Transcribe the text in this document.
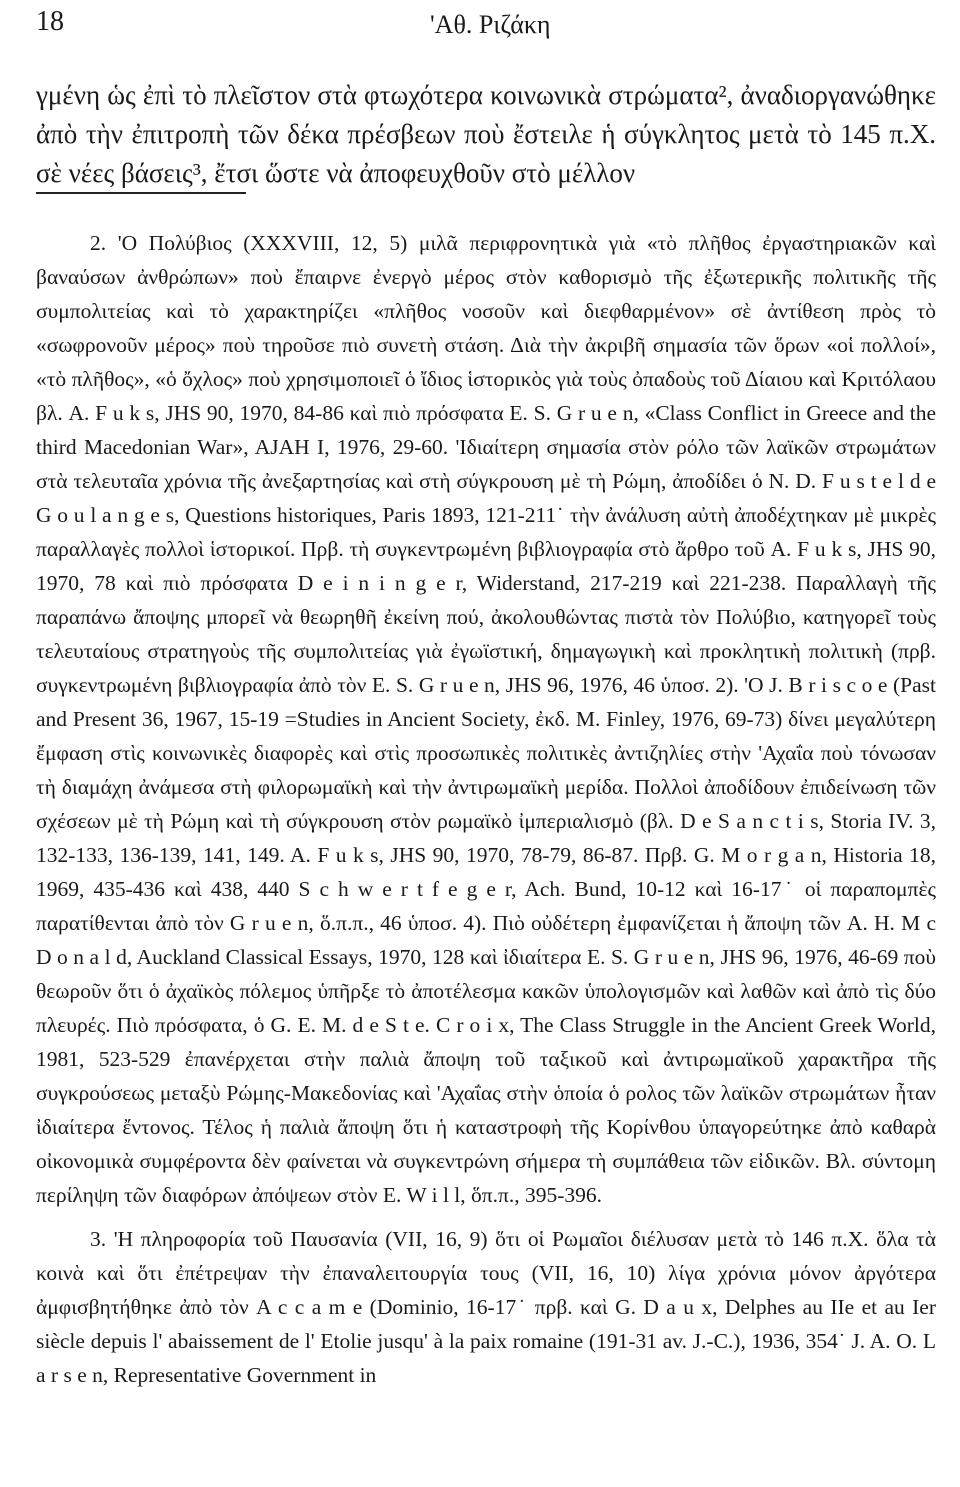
18	'Αθ. Ριζάκη
γμένη ὡς ἐπὶ τὸ πλεῖστον στὰ φτωχότερα κοινωνικὰ στρώματα², ἀναδιοργανώθηκε ἀπὸ τὴν ἐπιτροπὴ τῶν δέκα πρέσβεων ποὺ ἔστειλε ἡ σύγκλητος μετὰ τὸ 145 π.Χ. σὲ νέες βάσεις³, ἔτσι ὥστε νὰ ἀποφευχθοῦν στὸ μέλλον

2. 'Ο Πολύβιος (XXXVIII, 12, 5) μιλᾶ περιφρονητικὰ γιὰ «τὸ πλῆθος ἐργαστηριακῶν καὶ βαναύσων ἀνθρώπων» ποὺ ἔπαιρνε ἐνεργὸ μέρος στὸν καθορισμὸ τῆς ἐξωτερικῆς πολιτικῆς τῆς συμπολιτείας καὶ τὸ χαρακτηρίζει «πλῆθος νοσοῦν καὶ διεφθαρμένον» σὲ ἀντίθεση πρὸς τὸ «σωφρονοῦν μέρος» ποὺ τηροῦσε πιὸ συνετὴ στάση. Διὰ τὴν ἀκριβῆ σημασία τῶν ὅρων «οἱ πολλοί», «τὸ πλῆθος», «ὁ ὄχλος» ποὺ χρησιμοποιεῖ ὁ ἴδιος ἱστορικὸς γιὰ τοὺς ὀπαδοὺς τοῦ Δίαιου καὶ Κριτόλαου βλ. A. F u k s, JHS 90, 1970, 84-86 καὶ πιὸ πρόσφατα E. S. G r u e n, «Class Conflict in Greece and the third Macedonian War», AJAH I, 1976, 29-60. 'Ιδιαίτερη σημασία στὸν ρόλο τῶν λαϊκῶν στρωμάτων στὰ τελευταῖα χρόνια τῆς ἀνεξαρτησίας καὶ στὴ σύγκρουση μὲ τὴ Ρώμη, ἀποδίδει ὁ N. D. F u s t e l d e G o u l a n g e s, Questions historiques, Paris 1893, 121-211˙ τὴν ἀνάλυση αὐτὴ ἀποδέχτηκαν μὲ μικρὲς παραλλαγὲς πολλοὶ ἱστορικοί. Πρβ. τὴ συγκεντρωμένη βιβλιογραφία στὸ ἄρθρο τοῦ A. F u k s, JHS 90, 1970, 78 καὶ πιὸ πρόσφατα D e i n i n g e r, Widerstand, 217-219 καὶ 221-238. Παραλλαγὴ τῆς παραπάνω ἄποψης μπορεῖ νὰ θεωρηθῆ ἐκείνη πού, ἀκολουθώντας πιστὰ τὸν Πολύβιο, κατηγορεῖ τοὺς τελευταίους στρατηγοὺς τῆς συμπολιτείας γιὰ ἐγωϊστική, δημαγωγικὴ καὶ προκλητικὴ πολιτικὴ (πρβ. συγκεντρωμένη βιβλιογραφία ἀπὸ τὸν E. S. G r u e n, JHS 96, 1976, 46 ὑποσ. 2). 'O J. B r i s c o e (Past and Present 36, 1967, 15-19 =Studies in Ancient Society, ἐκδ. M. Finley, 1976, 69-73) δίνει μεγαλύτερη ἔμφαση στὶς κοινωνικὲς διαφορὲς καὶ στὶς προσωπικὲς πολιτικὲς ἀντιζηλίες στὴν 'Αχαΐα ποὺ τόνωσαν τὴ διαμάχη ἀνάμεσα στὴ φιλορωμαϊκὴ καὶ τὴν ἀντιρωμαϊκὴ μερίδα. Πολλοὶ ἀποδίδουν ἐπιδείνωση τῶν σχέσεων μὲ τὴ Ρώμη καὶ τὴ σύγκρουση στὸν ρωμαϊκὸ ἰμπεριαλισμὸ (βλ. D e S a n c t i s, Storia IV. 3, 132-133, 136-139, 141, 149. A. F u k s, JHS 90, 1970, 78-79, 86-87. Πρβ. G. M o r g a n, Historia 18, 1969, 435-436 καὶ 438, 440 S c h w e r t f e g e r, Ach. Bund, 10-12 καὶ 16-17˙ οἱ παραπομπὲς παρατίθενται ἀπὸ τὸν G r u e n, ὅ.π.π., 46 ὑποσ. 4). Πιὸ οὐδέτερη ἐμφανίζεται ἡ ἄποψη τῶν A. H. M c D o n a l d, Auckland Classical Essays, 1970, 128 καὶ ἰδιαίτερα E. S. G r u e n, JHS 96, 1976, 46-69 ποὺ θεωροῦν ὅτι ὁ ἀχαϊκὸς πόλεμος ὑπῆρξε τὸ ἀποτέλεσμα κακῶν ὑπολογισμῶν καὶ λαθῶν καὶ ἀπὸ τὶς δύο πλευρές. Πιὸ πρόσφατα, ὁ G. E. M. d e S t e. C r o i x, The Class Struggle in the Ancient Greek World, 1981, 523-529 ἐπανέρχεται στὴν παλιὰ ἄποψη τοῦ ταξικοῦ καὶ ἀντιρωμαϊκοῦ χαρακτῆρα τῆς συγκρούσεως μεταξὺ Ρώμης-Μακεδονίας καὶ 'Αχαΐας στὴν ὁποία ὁ ρολος τῶν λαϊκῶν στρωμάτων ἦταν ἰδιαίτερα ἔντονος. Τέλος ἡ παλιὰ ἄποψη ὅτι ἡ καταστροφὴ τῆς Κορίνθου ὑπαγορεύτηκε ἀπὸ καθαρὰ οἰκονομικὰ συμφέροντα δὲν φαίνεται νὰ συγκεντρώνη σήμερα τὴ συμπάθεια τῶν εἰδικῶν. Βλ. σύντομη περίληψη τῶν διαφόρων ἀπόψεων στὸν E. W i l l, ὅπ.π., 395-396.

3. 'Η πληροφορία τοῦ Παυσανία (VII, 16, 9) ὅτι οἱ Ρωμαῖοι διέλυσαν μετὰ τὸ 146 π.Χ. ὅλα τὰ κοινὰ καὶ ὅτι ἐπέτρεψαν τὴν ἐπαναλειτουργία τους (VII, 16, 10) λίγα χρόνια μόνον ἀργότερα ἀμφισβητήθηκε ἀπὸ τὸν A c c a m e (Dominio, 16-17˙ πρβ. καὶ G. D a u x, Delphes au IIe et au Ier siècle depuis l' abaissement de l' Etolie jusqu' à la paix romaine (191-31 av. J.-C.), 1936, 354˙ J. A. O. L a r s e n, Representative Government in
